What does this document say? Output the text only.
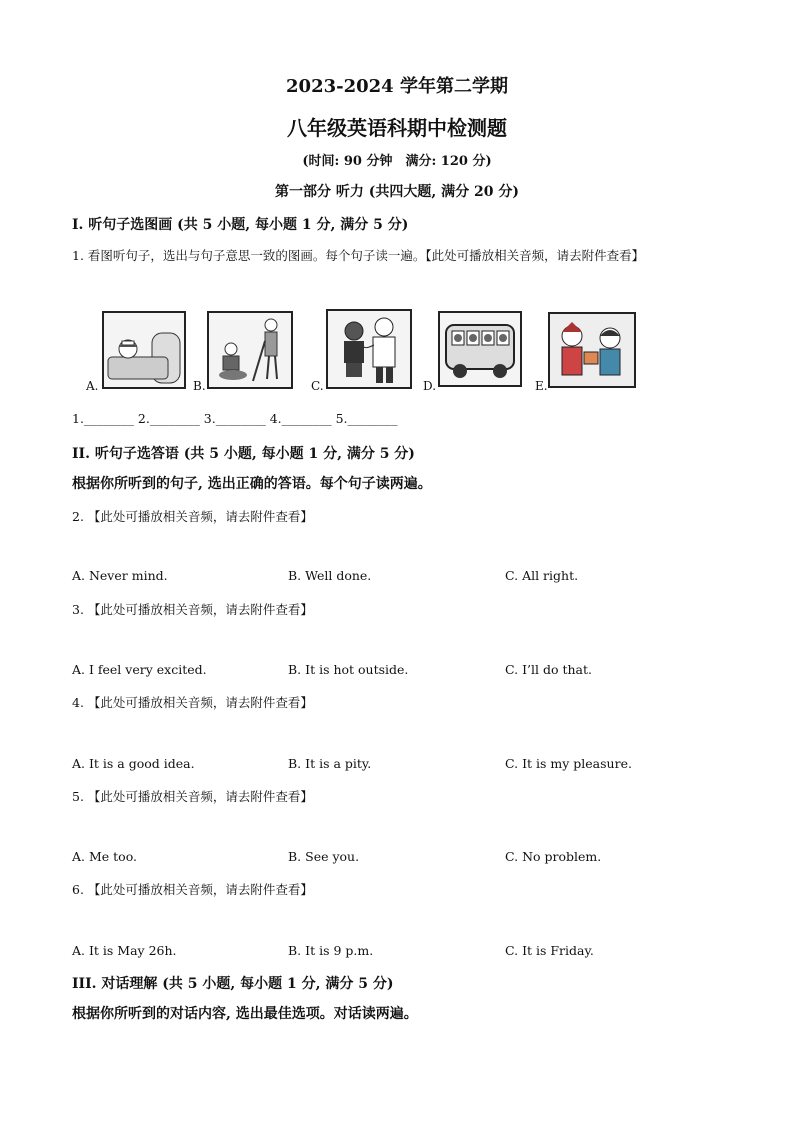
2023-2024 学年第二学期
八年级英语科期中检测题
(时间: 90 分钟　满分: 120 分)
第一部分 听力 (共四大题, 满分 20 分)
Ⅰ. 听句子选图画 (共 5 小题, 每小题 1 分, 满分 5 分)
1. 看图听句子，选出与句子意思一致的图画。每个句子读一遍。【此处可播放相关音频，请去附件查看】
A.	B.	C.	D.	E.
1.________ 2.________ 3.________ 4.________ 5.________
II. 听句子选答语 (共 5 小题, 每小题 1 分, 满分 5 分)
根据你所听到的句子, 选出正确的答语。每个句子读两遍。
2. 【此处可播放相关音频，请去附件查看】
A. Never mind.	B. Well done.	C. All right.
3. 【此处可播放相关音频，请去附件查看】
A. I feel very excited.	B. It is hot outside.	C. I’ll do that.
4. 【此处可播放相关音频，请去附件查看】
A. It is a good idea.	B. It is a pity.	C. It is my pleasure.
5. 【此处可播放相关音频，请去附件查看】
A. Me too.	B. See you.	C. No problem.
6. 【此处可播放相关音频，请去附件查看】
A. It is May 26h.	B. It is 9 p.m.	C. It is Friday.
III. 对话理解 (共 5 小题, 每小题 1 分, 满分 5 分)
根据你所听到的对话内容, 选出最佳选项。对话读两遍。
